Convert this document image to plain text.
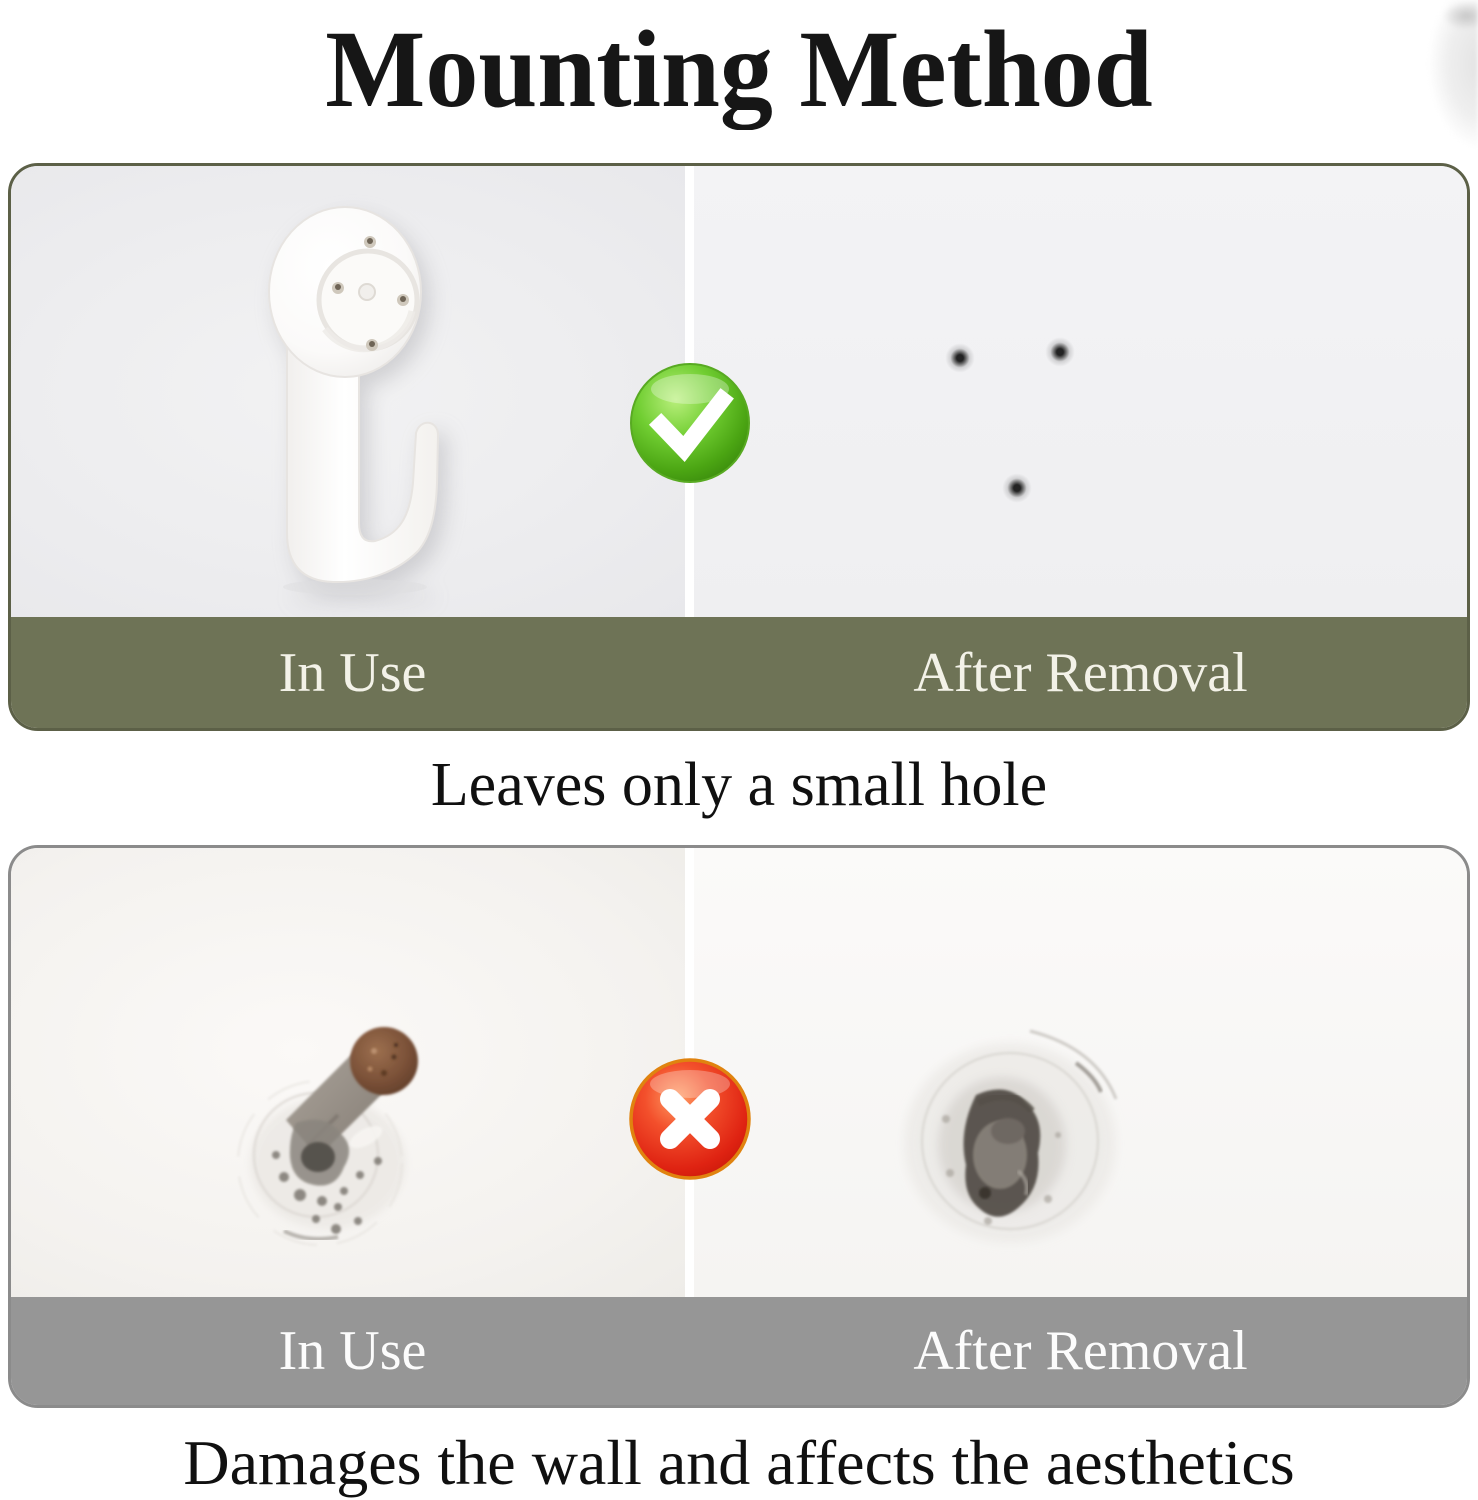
Mounting Method
In Use	After Removal
Leaves only a small hole
In Use	After Removal
Damages the wall and affects the aesthetics
